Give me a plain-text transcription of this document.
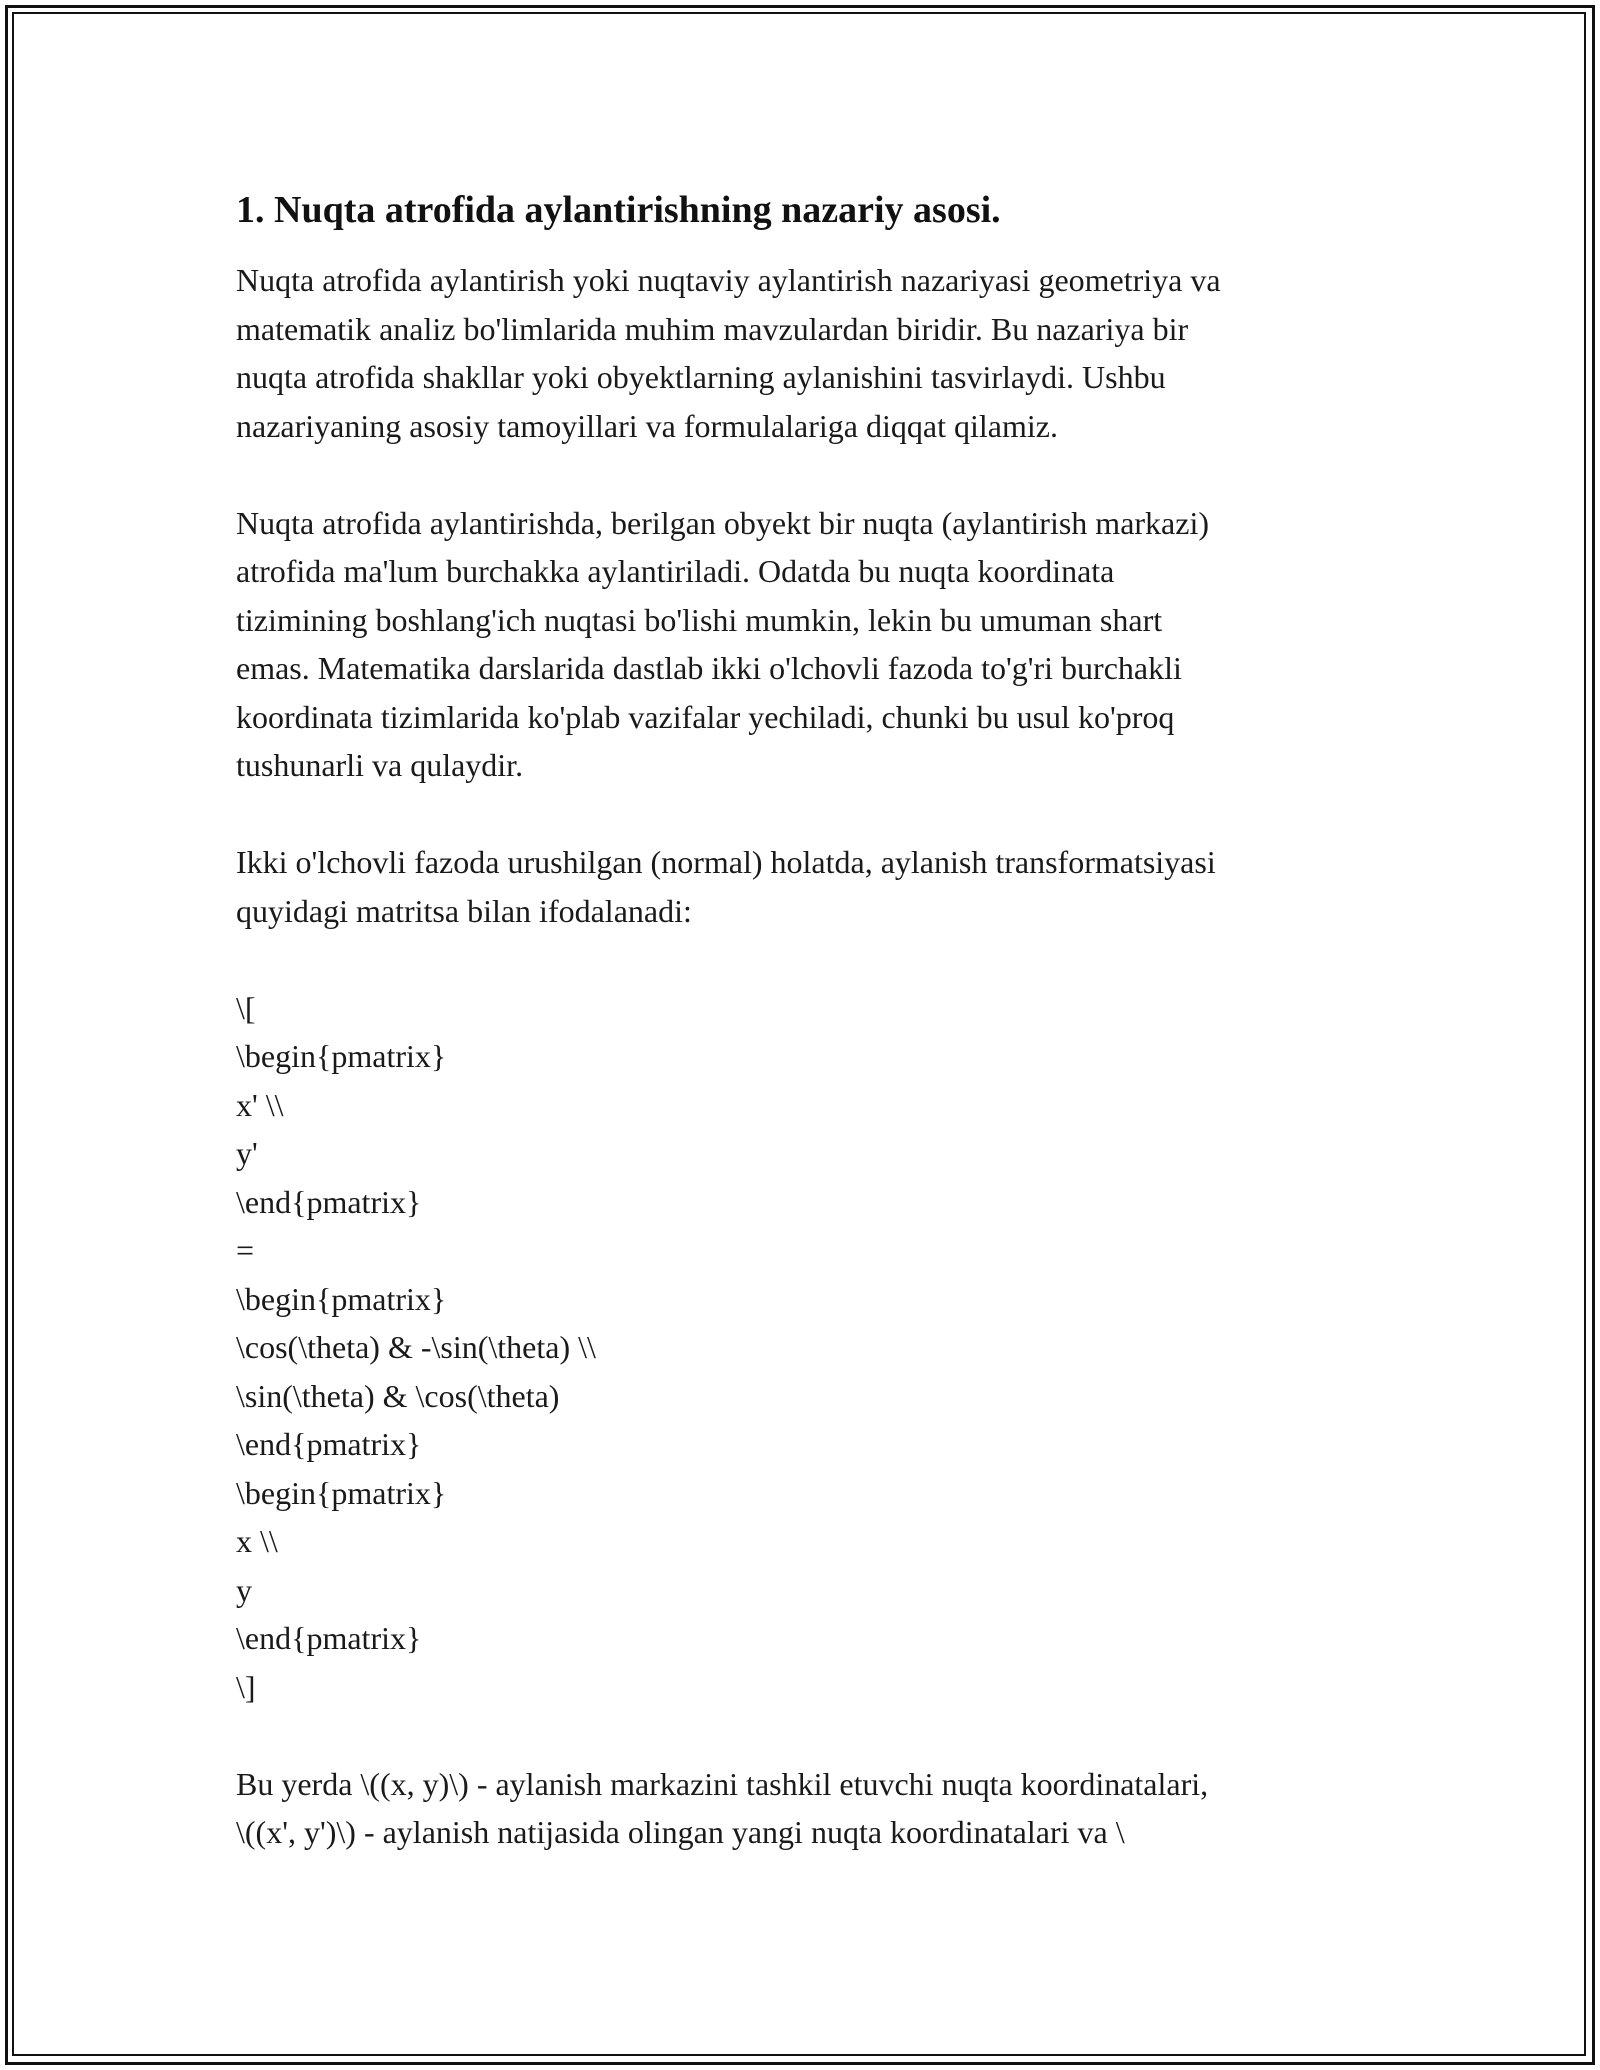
1. Nuqta atrofida aylantirishning nazariy asosi.
Nuqta atrofida aylantirish yoki nuqtaviy aylantirish nazariyasi geometriya va
matematik analiz bo'limlarida muhim mavzulardan biridir. Bu nazariya bir
nuqta atrofida shakllar yoki obyektlarning aylanishini tasvirlaydi. Ushbu
nazariyaning asosiy tamoyillari va formulalariga diqqat qilamiz.
Nuqta atrofida aylantirishda, berilgan obyekt bir nuqta (aylantirish markazi)
atrofida ma'lum burchakka aylantiriladi. Odatda bu nuqta koordinata
tizimining boshlang'ich nuqtasi bo'lishi mumkin, lekin bu umuman shart
emas. Matematika darslarida dastlab ikki o'lchovli fazoda to'g'ri burchakli
koordinata tizimlarida ko'plab vazifalar yechiladi, chunki bu usul ko'proq
tushunarli va qulaydir.
Ikki o'lchovli fazoda urushilgan (normal) holatda, aylanish transformatsiyasi
quyidagi matritsa bilan ifodalanadi:
\[
\begin{pmatrix}
x' \\
y'
\end{pmatrix}
=
\begin{pmatrix}
\cos(\theta) & -\sin(\theta) \\
\sin(\theta) & \cos(\theta)
\end{pmatrix}
\begin{pmatrix}
x \\
y
\end{pmatrix}
\]
Bu yerda \((x, y)\) - aylanish markazini tashkil etuvchi nuqta koordinatalari,
\((x', y')\) - aylanish natijasida olingan yangi nuqta koordinatalari va \
